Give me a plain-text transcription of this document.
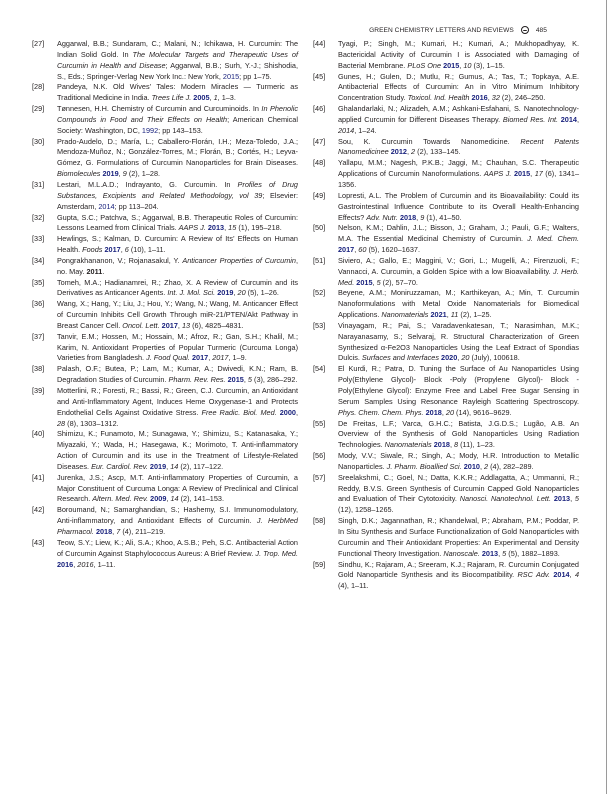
GREEN CHEMISTRY LETTERS AND REVIEWS	485

[27] Aggarwal, B.B.; Sundaram, C.; Malani, N.; Ichikawa, H. Curcumin: The Indian Solid Gold. In The Molecular Targets and Therapeutic Uses of Curcumin in Health and Disease; Aggarwal, B.B.; Surh, Y.-J.; Shishodia, S., Eds.; Springer-Verlag New York Inc.: New York, 2015; pp 1–75.

[28] Pandeya, N.K. Old Wives’ Tales: Modern Miracles — Turmeric as Traditional Medicine in India. Trees Life J. 2005, 1, 1–3.

[29] Tønnesen, H.H. Chemistry of Curcumin and Curcuminoids. In In Phenolic Compounds in Food and Their Effects on Health; American Chemical Society: Washington, DC, 1992; pp 143–153.

[30] Prado-Audelo, D.; María, L.; Caballero-Florán, I.H.; Meza-Toledo, J.A.; Mendoza-Muñoz, N.; González-Torres, M.; Florán, B.; Cortés, H.; Leyva-Gómez, G. Formulations of Curcumin Nanoparticles for Brain Diseases. Biomolecules 2019, 9 (2), 1–28.

[31] Lestari, M.L.A.D.; Indrayanto, G. Curcumin. In Profiles of Drug Substances, Excipients and Related Methodology, vol 39; Elsevier: Amsterdam, 2014; pp 113–204.

[32] Gupta, S.C.; Patchva, S.; Aggarwal, B.B. Therapeutic Roles of Curcumin: Lessons Learned from Clinical Trials. AAPS J. 2013, 15 (1), 195–218.

[33] Hewlings, S.; Kalman, D. Curcumin: A Review of Its’ Effects on Human Health. Foods 2017, 6 (10), 1–11.

[34] Pongrakhananon, V.; Rojanasakul, Y. Anticancer Properties of Curcumin, no. May. 2011.

[35] Tomeh, M.A.; Hadianamrei, R.; Zhao, X. A Review of Curcumin and its Derivatives as Anticancer Agents. Int. J. Mol. Sci. 2019, 20 (5), 1–26.

[36] Wang, X.; Hang, Y.; Liu, J.; Hou, Y.; Wang, N.; Wang, M. Anticancer Effect of Curcumin Inhibits Cell Growth Through miR-21/PTEN/Akt Pathway in Breast Cancer Cell. Oncol. Lett. 2017, 13 (6), 4825–4831.

[37] Tanvir, E.M.; Hossen, M.; Hossain, M.; Afroz, R.; Gan, S.H.; Khalil, M.; Karim, N. Antioxidant Properties of Popular Turmeric (Curcuma Longa) Varieties from Bangladesh. J. Food Qual. 2017, 2017, 1–9.

[38] Palash, O.F.; Butea, P.; Lam, M.; Kumar, A.; Dwivedi, K.N.; Ram, B. Degradation Studies of Curcumin. Pharm. Rev. Res. 2015, 5 (3), 286–292.

[39] Motterlini, R.; Foresti, R.; Bassi, R.; Green, C.J. Curcumin, an Antioxidant and Anti-Inflammatory Agent, Induces Heme Oxygenase-1 and Protects Endothelial Cells Against Oxidative Stress. Free Radic. Biol. Med. 2000, 28 (8), 1303–1312.

[40] Shimizu, K.; Funamoto, M.; Sunagawa, Y.; Shimizu, S.; Katanasaka, Y.; Miyazaki, Y.; Wada, H.; Hasegawa, K.; Morimoto, T. Anti-inflammatory Action of Curcumin and its use in the Treatment of Lifestyle-Related Diseases. Eur. Cardiol. Rev. 2019, 14 (2), 117–122.

[41] Jurenka, J.S.; Ascp, M.T. Anti-inflammatory Properties of Curcumin, a Major Constituent of Curcuma Longa: A Review of Preclinical and Clinical Research. Altern. Med. Rev. 2009, 14 (2), 141–153.

[42] Boroumand, N.; Samarghandian, S.; Hashemy, S.I. Immunomodulatory, Anti-inflammatory, and Antioxidant Effects of Curcumin. J. HerbMed Pharmacol. 2018, 7 (4), 211–219.

[43] Teow, S.Y.; Liew, K.; Ali, S.A.; Khoo, A.S.B.; Peh, S.C. Antibacterial Action of Curcumin Against Staphylococcus Aureus: A Brief Review. J. Trop. Med. 2016, 2016, 1–11.

[44] Tyagi, P.; Singh, M.; Kumari, H.; Kumari, A.; Mukhopadhyay, K. Bactericidal Activity of Curcumin I is Associated with Damaging of Bacterial Membrane. PLoS One 2015, 10 (3), 1–15.

[45] Gunes, H.; Gulen, D.; Mutlu, R.; Gumus, A.; Tas, T.; Topkaya, A.E. Antibacterial Effects of Curcumin: An in Vitro Minimum Inhibitory Concentration Study. Toxicol. Ind. Health 2016, 32 (2), 246–250.

[46] Ghalandarlaki, N.; Alizadeh, A.M.; Ashkani-Esfahani, S. Nanotechnology-applied Curcumin for Different Diseases Therapy. Biomed Res. Int. 2014, 2014, 1–24.

[47] Sou, K. Curcumin Towards Nanomedicine. Recent Patents Nanomedicinee 2012, 2 (2), 133–145.

[48] Yallapu, M.M.; Nagesh, P.K.B.; Jaggi, M.; Chauhan, S.C. Therapeutic Applications of Curcumin Nanoformulations. AAPS J. 2015, 17 (6), 1341–1356.

[49] Lopresti, A.L. The Problem of Curcumin and its Bioavailability: Could its Gastrointestinal Influence Contribute to its Overall Health-Enhancing Effects? Adv. Nutr. 2018, 9 (1), 41–50.

[50] Nelson, K.M.; Dahlin, J.L.; Bisson, J.; Graham, J.; Pauli, G.F.; Walters, M.A. The Essential Medicinal Chemistry of Curcumin. J. Med. Chem. 2017, 60 (5), 1620–1637.

[51] Siviero, A.; Gallo, E.; Maggini, V.; Gori, L.; Mugelli, A.; Firenzuoli, F.; Vannacci, A. Curcumin, a Golden Spice with a low Bioavailability. J. Herb. Med. 2015, 5 (2), 57–70.

[52] Beyene, A.M.; Moniruzzaman, M.; Karthikeyan, A.; Min, T. Curcumin Nanoformulations with Metal Oxide Nanomaterials for Biomedical Applications. Nanomaterials 2021, 11 (2), 1–25.

[53] Vinayagam, R.; Pai, S.; Varadavenkatesan, T.; Narasimhan, M.K.; Narayanasamy, S.; Selvaraj, R. Structural Characterization of Green Synthesized α-Fe2O3 Nanoparticles Using the Leaf Extract of Spondias Dulcis. Surfaces and Interfaces 2020, 20 (July), 100618.

[54] El Kurdi, R.; Patra, D. Tuning the Surface of Au Nanoparticles Using Poly(Ethylene Glycol)- Block -Poly (Propylene Glycol)- Block -Poly(Ethylene Glycol): Enzyme Free and Label Free Sugar Sensing in Serum Samples Using Resonance Rayleigh Scattering Spectroscopy. Phys. Chem. Chem. Phys. 2018, 20 (14), 9616–9629.

[55] De Freitas, L.F.; Varca, G.H.C.; Batista, J.G.D.S.; Lugão, A.B. An Overview of the Synthesis of Gold Nanoparticles Using Radiation Technologies. Nanomaterials 2018, 8 (11), 1–23.

[56] Mody, V.V.; Siwale, R.; Singh, A.; Mody, H.R. Introduction to Metallic Nanoparticles. J. Pharm. Bioallied Sci. 2010, 2 (4), 282–289.

[57] Sreelakshmi, C.; Goel, N.; Datta, K.K.R.; Addlagatta, A.; Ummanni, R.; Reddy, B.V.S. Green Synthesis of Curcumin Capped Gold Nanoparticles and Evaluation of Their Cytotoxicity. Nanosci. Nanotechnol. Lett. 2013, 5 (12), 1258–1265.

[58] Singh, D.K.; Jagannathan, R.; Khandelwal, P.; Abraham, P.M.; Poddar, P. In Situ Synthesis and Surface Functionalization of Gold Nanoparticles with Curcumin and Their Antioxidant Properties: An Experimental and Density Functional Theory Investigation. Nanoscale. 2013, 5 (5), 1882–1893.

[59] Sindhu, K.; Rajaram, A.; Sreeram, K.J.; Rajaram, R. Curcumin Conjugated Gold Nanoparticle Synthesis and its Biocompatibility. RSC Adv. 2014, 4 (4), 1–11.
